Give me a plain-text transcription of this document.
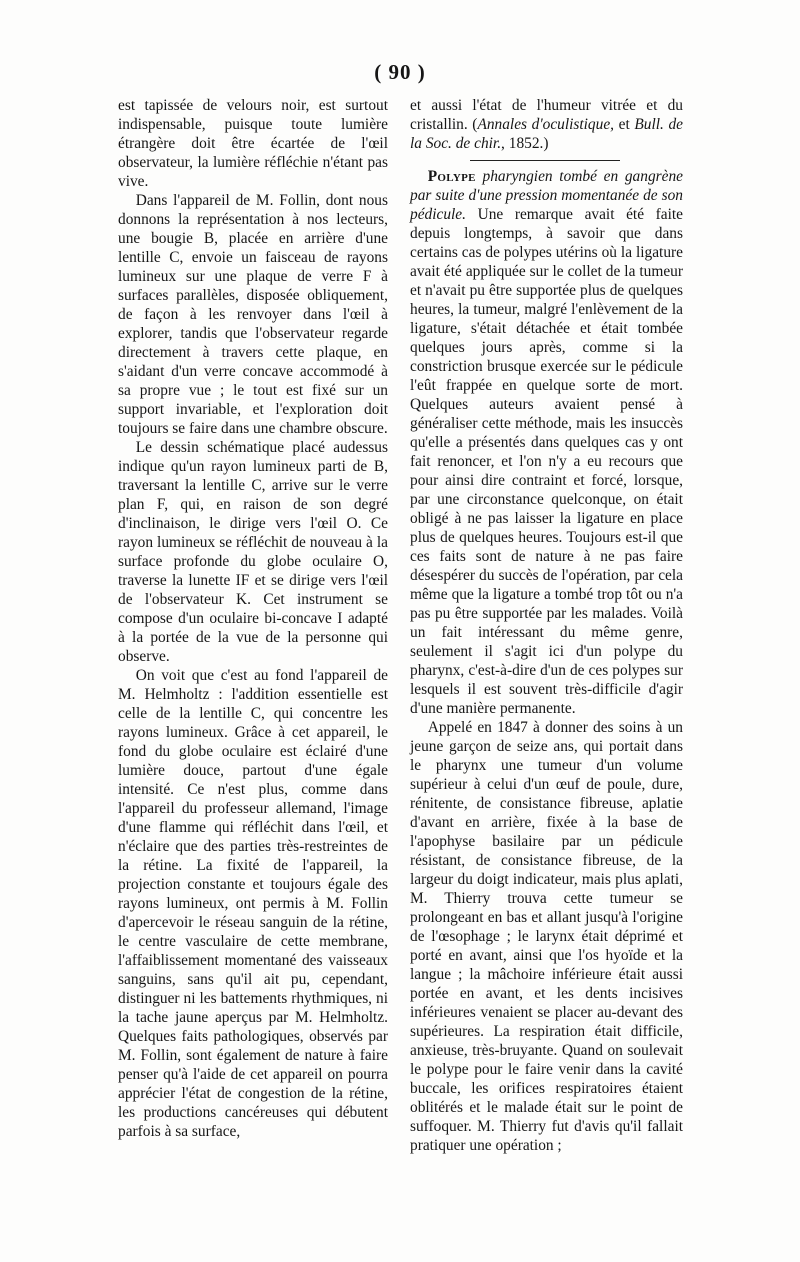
( 90 )

est tapissée de velours noir, est surtout indispensable, puisque toute lumière étrangère doit être écartée de l'œil observateur, la lumière réfléchie n'étant pas vive.

Dans l'appareil de M. Follin, dont nous donnons la représentation à nos lecteurs, une bougie B, placée en arrière d'une lentille C, envoie un faisceau de rayons lumineux sur une plaque de verre F à surfaces parallèles, disposée obliquement, de façon à les renvoyer dans l'œil à explorer, tandis que l'observateur regarde directement à travers cette plaque, en s'aidant d'un verre concave accommodé à sa propre vue ; le tout est fixé sur un support invariable, et l'exploration doit toujours se faire dans une chambre obscure.

Le dessin schématique placé audessus indique qu'un rayon lumineux parti de B, traversant la lentille C, arrive sur le verre plan F, qui, en raison de son degré d'inclinaison, le dirige vers l'œil O. Ce rayon lumineux se réfléchit de nouveau à la surface profonde du globe oculaire O, traverse la lunette IF et se dirige vers l'œil de l'observateur K. Cet instrument se compose d'un oculaire bi-concave I adapté à la portée de la vue de la personne qui observe.

On voit que c'est au fond l'appareil de M. Helmholtz : l'addition essentielle est celle de la lentille C, qui concentre les rayons lumineux. Grâce à cet appareil, le fond du globe oculaire est éclairé d'une lumière douce, partout d'une égale intensité. Ce n'est plus, comme dans l'appareil du professeur allemand, l'image d'une flamme qui réfléchit dans l'œil, et n'éclaire que des parties très-restreintes de la rétine. La fixité de l'appareil, la projection constante et toujours égale des rayons lumineux, ont permis à M. Follin d'apercevoir le réseau sanguin de la rétine, le centre vasculaire de cette membrane, l'affaiblissement momentané des vaisseaux sanguins, sans qu'il ait pu, cependant, distinguer ni les battements rhythmiques, ni la tache jaune aperçus par M. Helmholtz. Quelques faits pathologiques, observés par M. Follin, sont également de nature à faire penser qu'à l'aide de cet appareil on pourra apprécier l'état de congestion de la rétine, les productions cancéreuses qui débutent parfois à sa surface,

et aussi l'état de l'humeur vitrée et du cristallin. (Annales d'oculistique, et Bull. de la Soc. de chir., 1852.)

Polype pharyngien tombé en gangrène par suite d'une pression momentanée de son pédicule. Une remarque avait été faite depuis longtemps, à savoir que dans certains cas de polypes utérins où la ligature avait été appliquée sur le collet de la tumeur et n'avait pu être supportée plus de quelques heures, la tumeur, malgré l'enlèvement de la ligature, s'était détachée et était tombée quelques jours après, comme si la constriction brusque exercée sur le pédicule l'eût frappée en quelque sorte de mort. Quelques auteurs avaient pensé à généraliser cette méthode, mais les insuccès qu'elle a présentés dans quelques cas y ont fait renoncer, et l'on n'y a eu recours que pour ainsi dire contraint et forcé, lorsque, par une circonstance quelconque, on était obligé à ne pas laisser la ligature en place plus de quelques heures. Toujours est-il que ces faits sont de nature à ne pas faire désespérer du succès de l'opération, par cela même que la ligature a tombé trop tôt ou n'a pas pu être supportée par les malades. Voilà un fait intéressant du même genre, seulement il s'agit ici d'un polype du pharynx, c'est-à-dire d'un de ces polypes sur lesquels il est souvent très-difficile d'agir d'une manière permanente.

Appelé en 1847 à donner des soins à un jeune garçon de seize ans, qui portait dans le pharynx une tumeur d'un volume supérieur à celui d'un œuf de poule, dure, rénitente, de consistance fibreuse, aplatie d'avant en arrière, fixée à la base de l'apophyse basilaire par un pédicule résistant, de consistance fibreuse, de la largeur du doigt indicateur, mais plus aplati, M. Thierry trouva cette tumeur se prolongeant en bas et allant jusqu'à l'origine de l'œsophage ; le larynx était déprimé et porté en avant, ainsi que l'os hyoïde et la langue ; la mâchoire inférieure était aussi portée en avant, et les dents incisives inférieures venaient se placer au-devant des supérieures. La respiration était difficile, anxieuse, très-bruyante. Quand on soulevait le polype pour le faire venir dans la cavité buccale, les orifices respiratoires étaient oblitérés et le malade était sur le point de suffoquer. M. Thierry fut d'avis qu'il fallait pratiquer une opération ;
